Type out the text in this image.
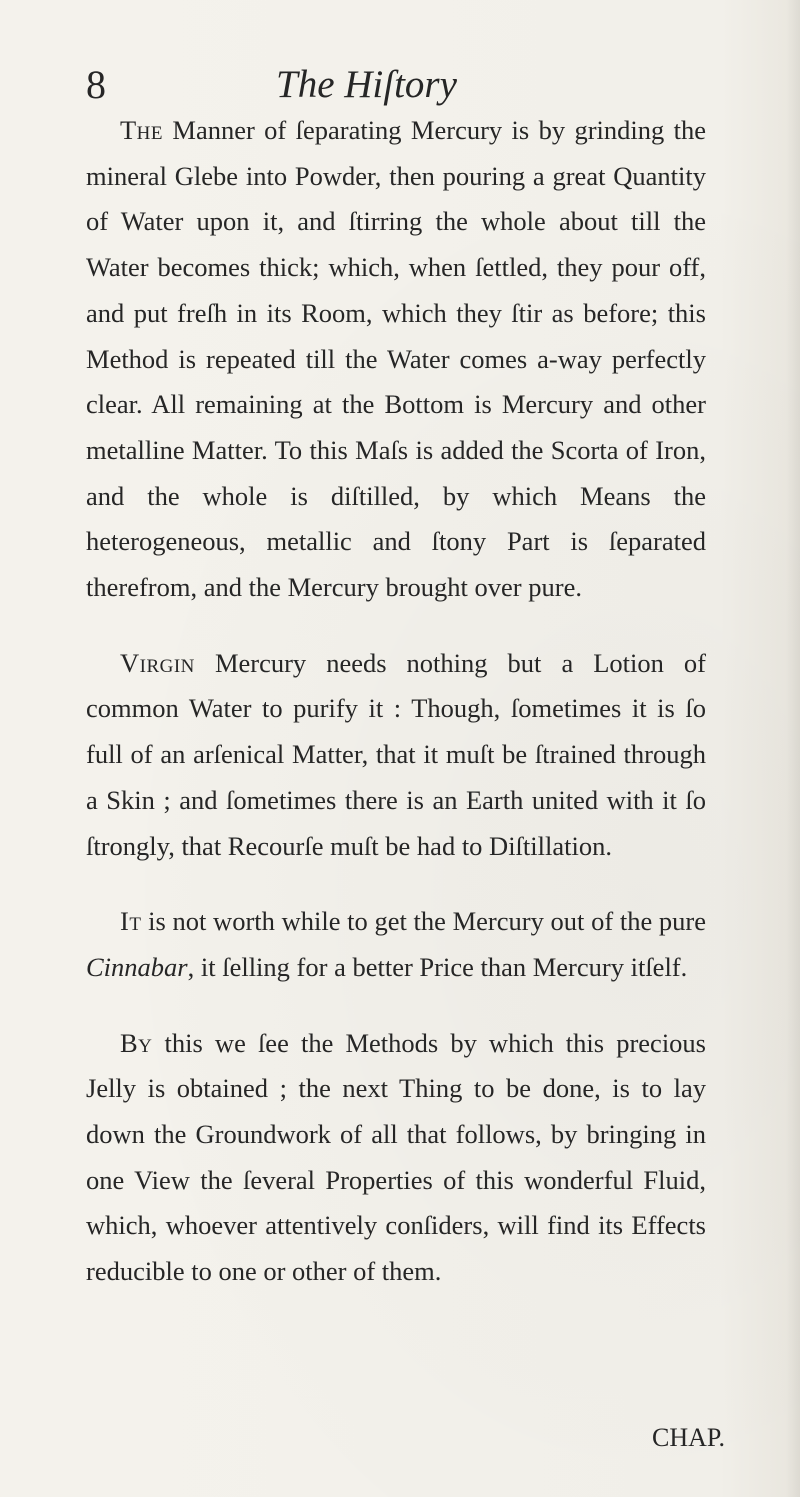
8	The Hiſtory

The Manner of ſeparating Mercury is by grinding the mineral Glebe into Powder, then pouring a great Quantity of Water upon it, and ſtirring the whole about till the Water becomes thick; which, when ſettled, they pour off, and put freſh in its Room, which they ſtir as before; this Method is repeated till the Water comes a‑way perfectly clear. All remaining at the Bottom is Mercury and other metalline Matter. To this Maſs is added the Scorta of Iron, and the whole is diſtilled, by which Means the heterogeneous, metallic and ſtony Part is ſeparated therefrom, and the Mercury brought over pure.

Virgin Mercury needs nothing but a Lotion of common Water to purify it : Though, ſometimes it is ſo full of an arſenical Matter, that it muſt be ſtrained through a Skin ; and ſometimes there is an Earth united with it ſo ſtrongly, that Recourſe muſt be had to Diſtillation.

It is not worth while to get the Mercury out of the pure Cinnabar, it ſelling for a better Price than Mercury itſelf.

By this we ſee the Methods by which this precious Jelly is obtained ; the next Thing to be done, is to lay down the Groundwork of all that follows, by bringing in one View the ſeveral Properties of this wonderful Fluid, which, whoever attentively conſiders, will find its Effects reducible to one or other of them.

CHAP.
